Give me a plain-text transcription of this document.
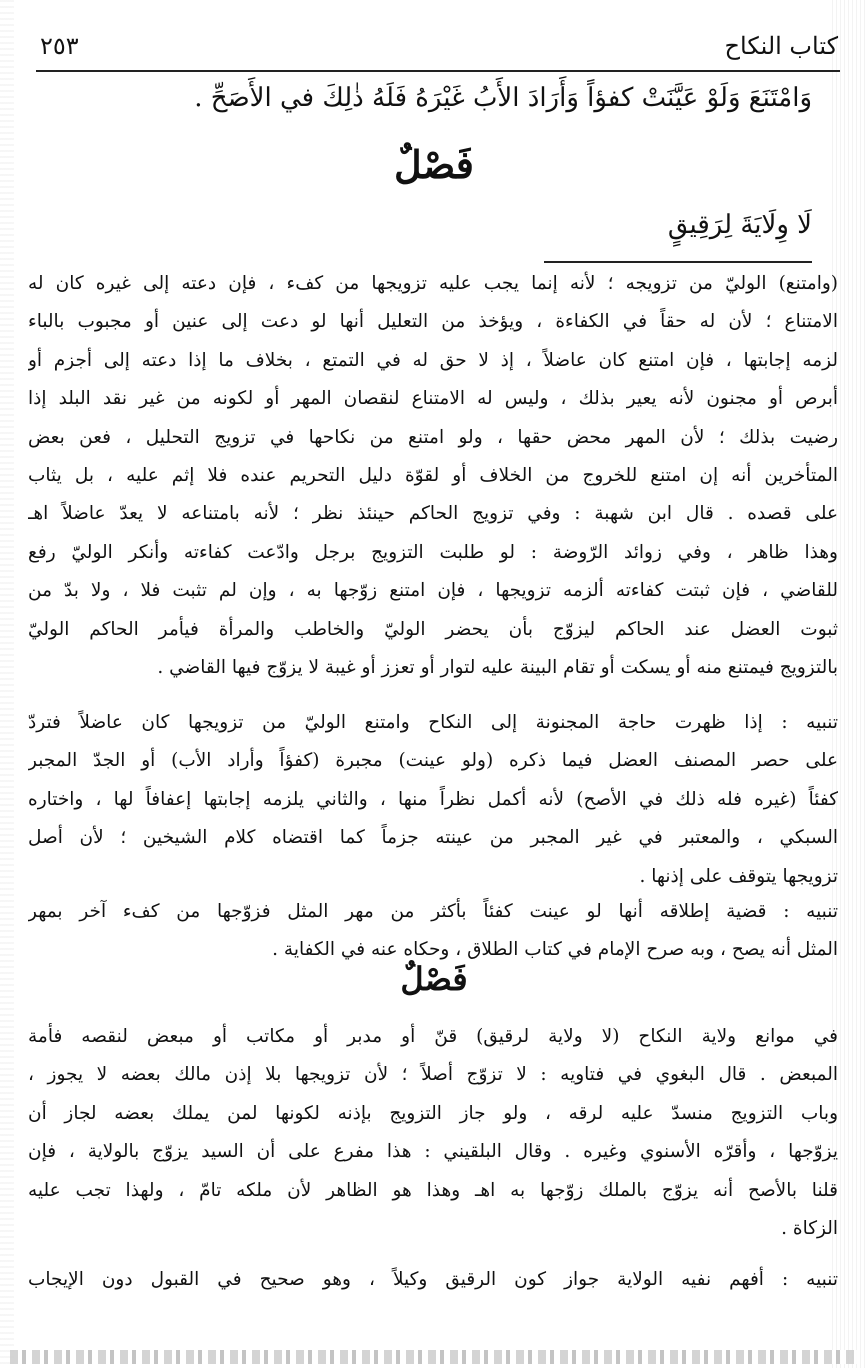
كتاب النكاح
٢٥٣
وَامْتَنَعَ وَلَوْ عَيَّنَتْ كفؤاً وَأَرَادَ الأَبُ غَيْرَهُ فَلَهُ ذٰلِكَ في الأَصَحِّ .
فَصْلٌ
لَا وِلَايَةَ لِرَقِيقٍ
(وامتنع) الوليّ من تزويجه ؛ لأنه إنما يجب عليه تزويجها من كفء ، فإن دعته إلى غيره كان له
الامتناع ؛ لأن له حقاً في الكفاءة ، ويؤخذ من التعليل أنها لو دعت إلى عنين أو مجبوب بالباء
لزمه إجابتها ، فإن امتنع كان عاضلاً ، إذ لا حق له في التمتع ، بخلاف ما إذا دعته إلى أجزم أو
أبرص أو مجنون لأنه يعير بذلك ، وليس له الامتناع لنقصان المهر أو لكونه من غير نقد البلد إذا
رضيت بذلك ؛ لأن المهر محض حقها ، ولو امتنع من نكاحها في تزويج التحليل ، فعن بعض
المتأخرين أنه إن امتنع للخروج من الخلاف أو لقوّة دليل التحريم عنده فلا إثم عليه ، بل يثاب
على قصده . قال ابن شهبة : وفي تزويج الحاكم حينئذ نظر ؛ لأنه بامتناعه لا يعدّ عاضلاً اهـ
وهذا ظاهر ، وفي زوائد الرّوضة : لو طلبت التزويج برجل وادّعت كفاءته وأنكر الوليّ رفع
للقاضي ، فإن ثبتت كفاءته ألزمه تزويجها ، فإن امتنع زوّجها به ، وإن لم تثبت فلا ، ولا بدّ من
ثبوت العضل عند الحاكم ليزوّج بأن يحضر الوليّ والخاطب والمرأة فيأمر الحاكم الوليّ
بالتزويج فيمتنع منه أو يسكت أو تقام البينة عليه لتوار أو تعزز أو غيبة لا يزوّج فيها القاضي .
تنبيه : إذا ظهرت حاجة المجنونة إلى النكاح وامتنع الوليّ من تزويجها كان عاضلاً فتردّ
على حصر المصنف العضل فيما ذكره (ولو عينت) مجبرة (كفؤاً وأراد الأب) أو الجدّ المجبر
كفئاً (غيره فله ذلك في الأصح) لأنه أكمل نظراً منها ، والثاني يلزمه إجابتها إعفافاً لها ، واختاره
السبكي ، والمعتبر في غير المجبر من عينته جزماً كما اقتضاه كلام الشيخين ؛ لأن أصل
تزويجها يتوقف على إذنها .
تنبيه : قضية إطلاقه أنها لو عينت كفئاً بأكثر من مهر المثل فزوّجها من كفء آخر بمهر
المثل أنه يصح ، وبه صرح الإمام في كتاب الطلاق ، وحكاه عنه في الكفاية .
فَصْلٌ
في موانع ولاية النكاح (لا ولاية لرقيق) قنّ أو مدبر أو مكاتب أو مبعض لنقصه فأمة
المبعض . قال البغوي في فتاويه : لا تزوّج أصلاً ؛ لأن تزويجها بلا إذن مالك بعضه لا يجوز ،
وباب التزويج منسدّ عليه لرقه ، ولو جاز التزويج بإذنه لكونها لمن يملك بعضه لجاز أن
يزوّجها ، وأقرّه الأسنوي وغيره . وقال البلقيني : هذا مفرع على أن السيد يزوّج بالولاية ، فإن
قلنا بالأصح أنه يزوّج بالملك زوّجها به اهـ وهذا هو الظاهر لأن ملكه تامّ ، ولهذا تجب عليه
الزكاة .
تنبيه : أفهم نفيه الولاية جواز كون الرقيق وكيلاً ، وهو صحيح في القبول دون الإيجاب
